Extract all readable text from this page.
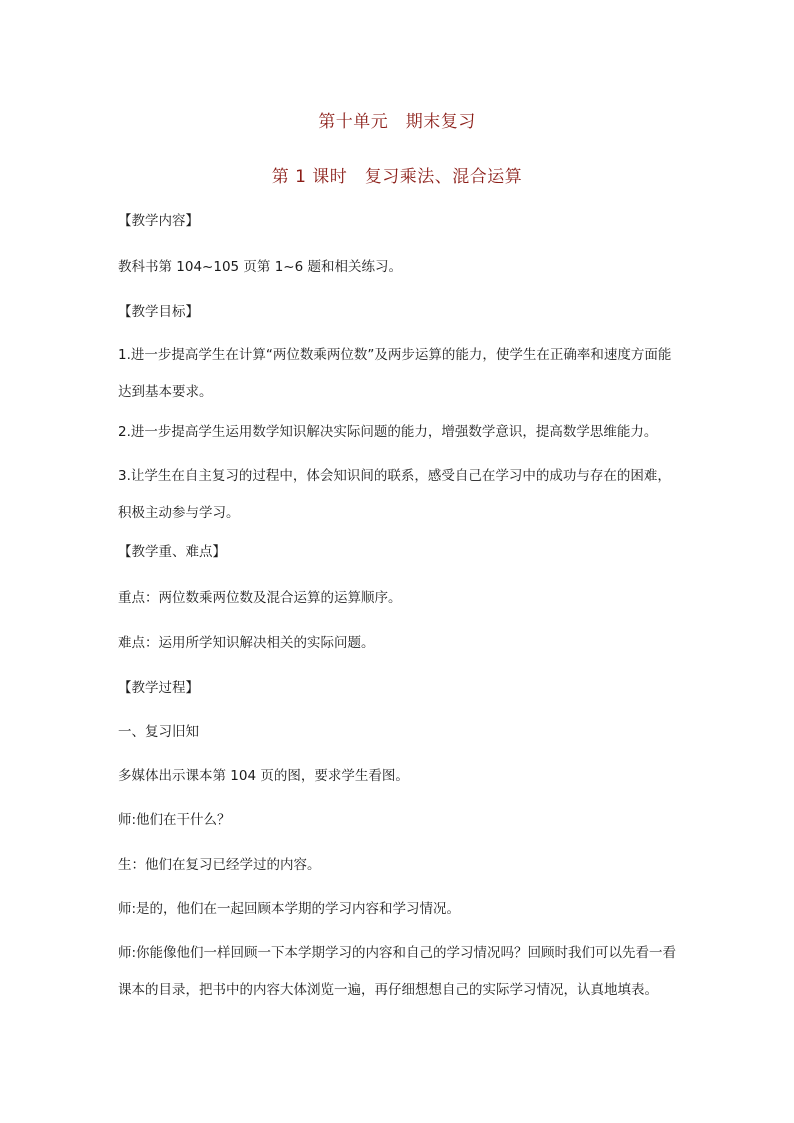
第十单元　期末复习
第 1 课时　复习乘法、混合运算
【教学内容】
教科书第 104~105 页第 1~6 题和相关练习。
【教学目标】
1.进一步提高学生在计算“两位数乘两位数”及两步运算的能力，使学生在正确率和速度方面能达到基本要求。
2.进一步提高学生运用数学知识解决实际问题的能力，增强数学意识，提高数学思维能力。
3.让学生在自主复习的过程中，体会知识间的联系，感受自己在学习中的成功与存在的困难，积极主动参与学习。
【教学重、难点】
重点：两位数乘两位数及混合运算的运算顺序。
难点：运用所学知识解决相关的实际问题。
【教学过程】
一、复习旧知
多媒体出示课本第 104 页的图，要求学生看图。
师:他们在干什么？
生：他们在复习已经学过的内容。
师:是的，他们在一起回顾本学期的学习内容和学习情况。
师:你能像他们一样回顾一下本学期学习的内容和自己的学习情况吗？回顾时我们可以先看一看课本的目录，把书中的内容大体浏览一遍，再仔细想想自己的实际学习情况，认真地填表。
